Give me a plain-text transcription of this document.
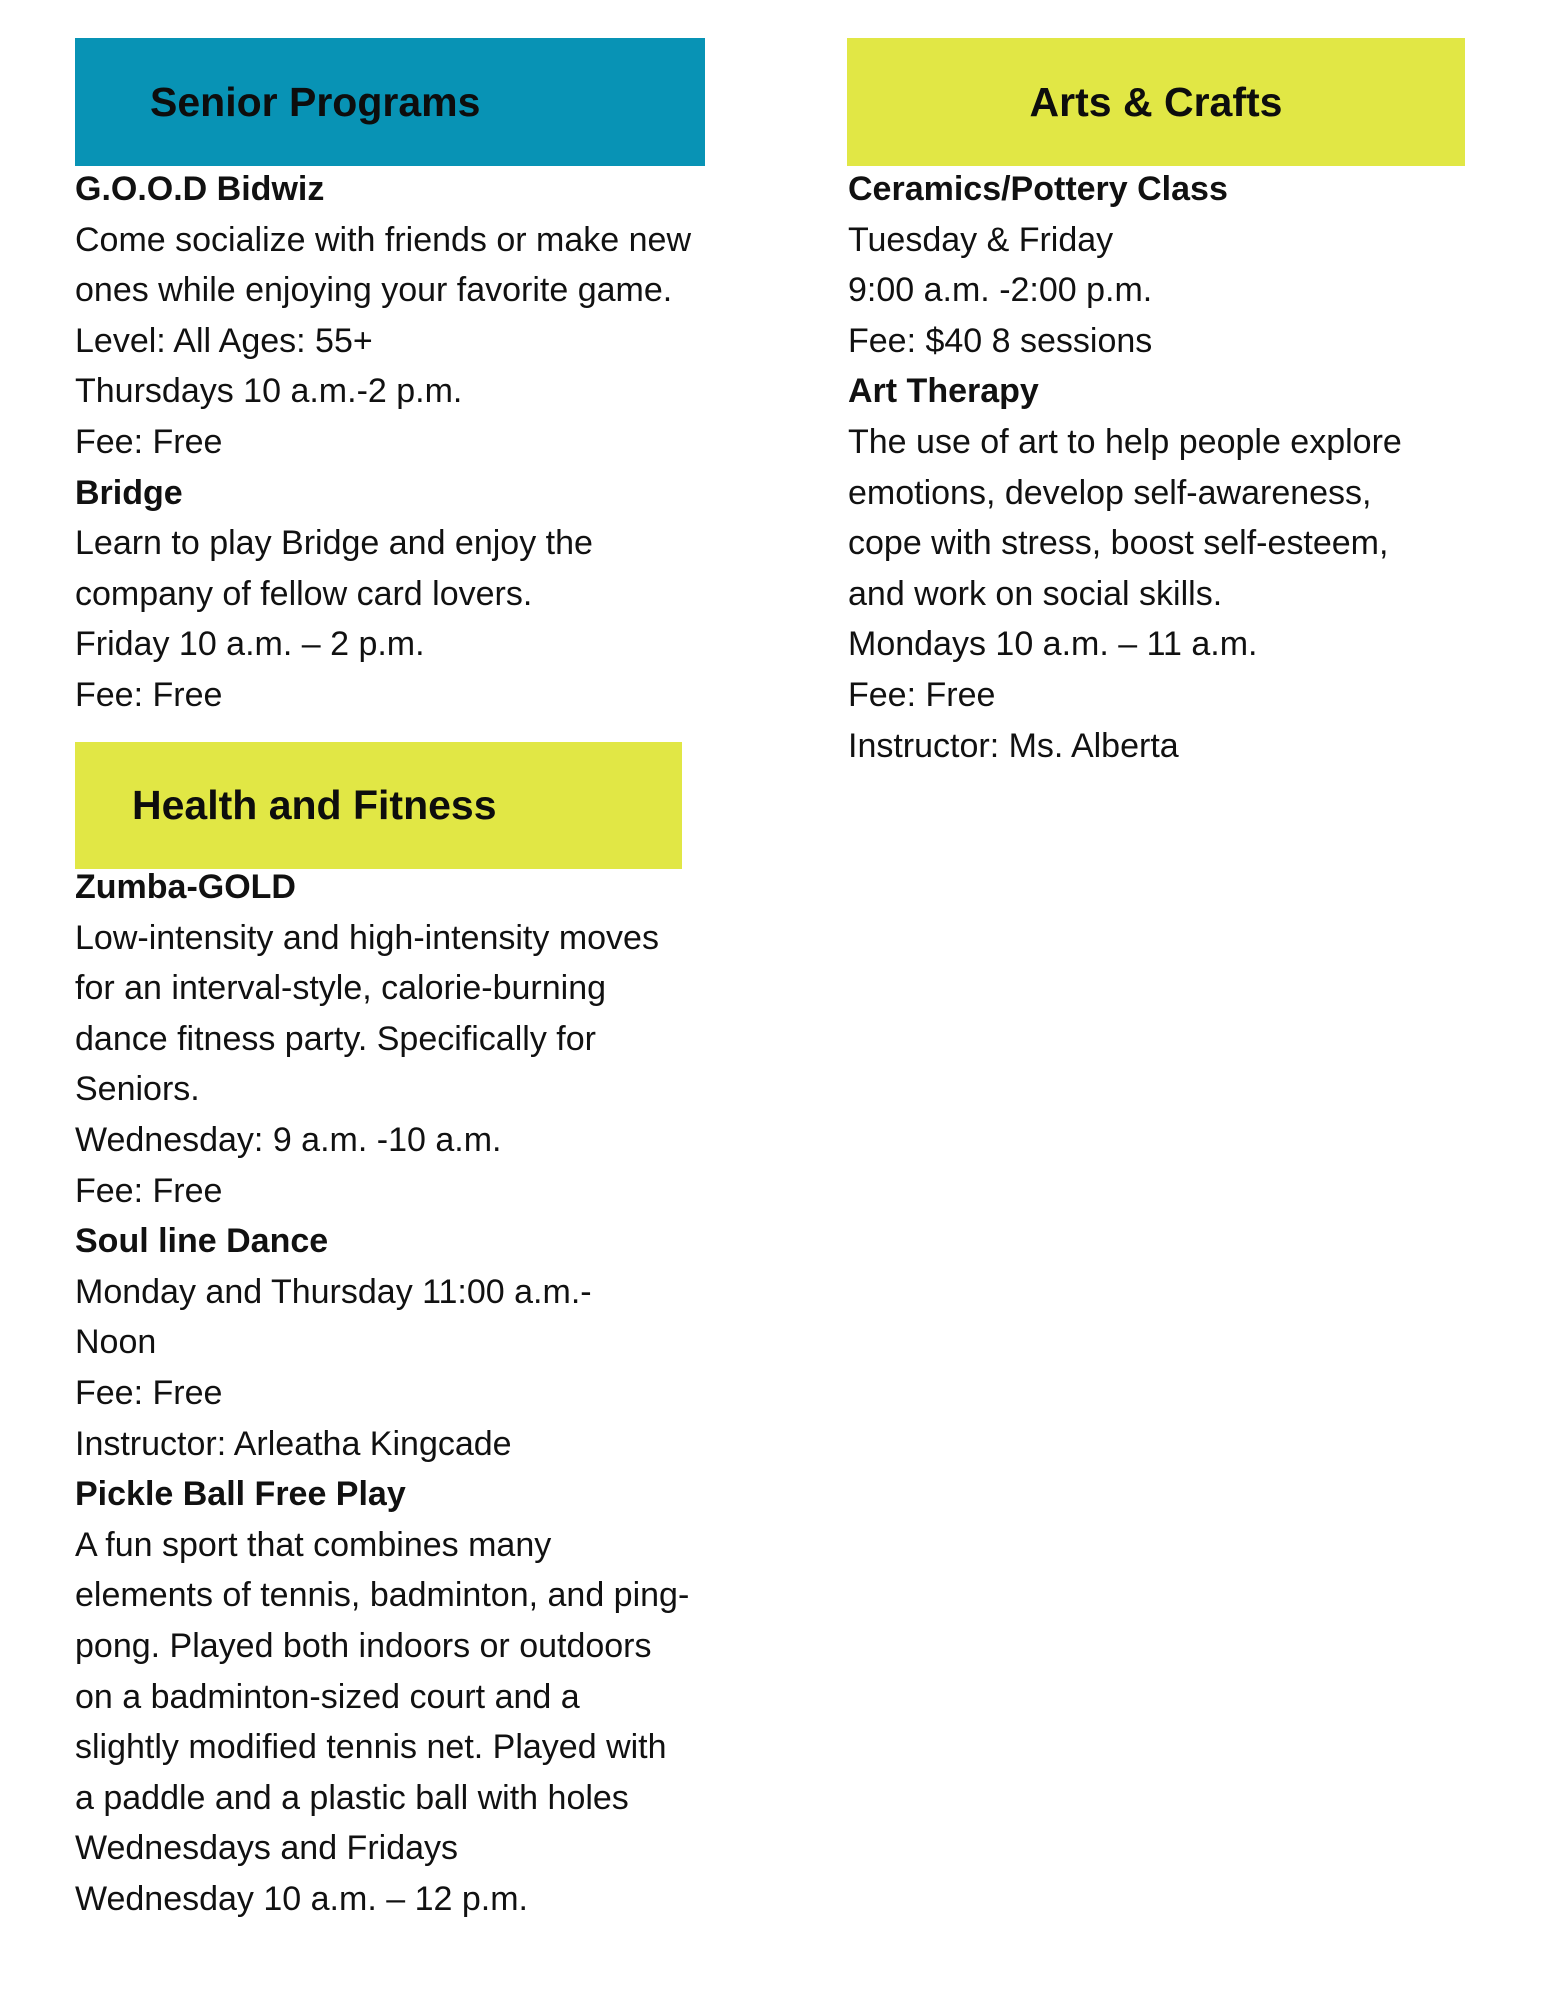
Senior Programs
G.O.O.D Bidwiz
Come socialize with friends or make new
ones while enjoying your favorite game.
Level: All Ages: 55+
Thursdays 10 a.m.-2 p.m.
Fee: Free
Bridge
Learn to play Bridge and enjoy the
company of fellow card lovers.
Friday 10 a.m. – 2 p.m.
Fee: Free
Health and Fitness
Zumba-GOLD
Low-intensity and high-intensity moves
for an interval-style, calorie-burning
dance fitness party. Specifically for
Seniors.
Wednesday: 9 a.m. -10 a.m.
Fee: Free
Soul line Dance
Monday and Thursday 11:00 a.m.-
Noon
Fee: Free
Instructor: Arleatha Kingcade
Pickle Ball Free Play
A fun sport that combines many
elements of tennis, badminton, and ping-
pong. Played both indoors or outdoors
on a badminton-sized court and a
slightly modified tennis net. Played with
a paddle and a plastic ball with holes
Wednesdays and Fridays
Wednesday 10 a.m. – 12 p.m.
Arts & Crafts
Ceramics/Pottery Class
Tuesday & Friday
9:00 a.m. -2:00 p.m.
Fee: $40 8 sessions
Art Therapy
The use of art to help people explore
emotions, develop self-awareness,
cope with stress, boost self-esteem,
and work on social skills.
Mondays 10 a.m. – 11 a.m.
Fee: Free
Instructor: Ms. Alberta
